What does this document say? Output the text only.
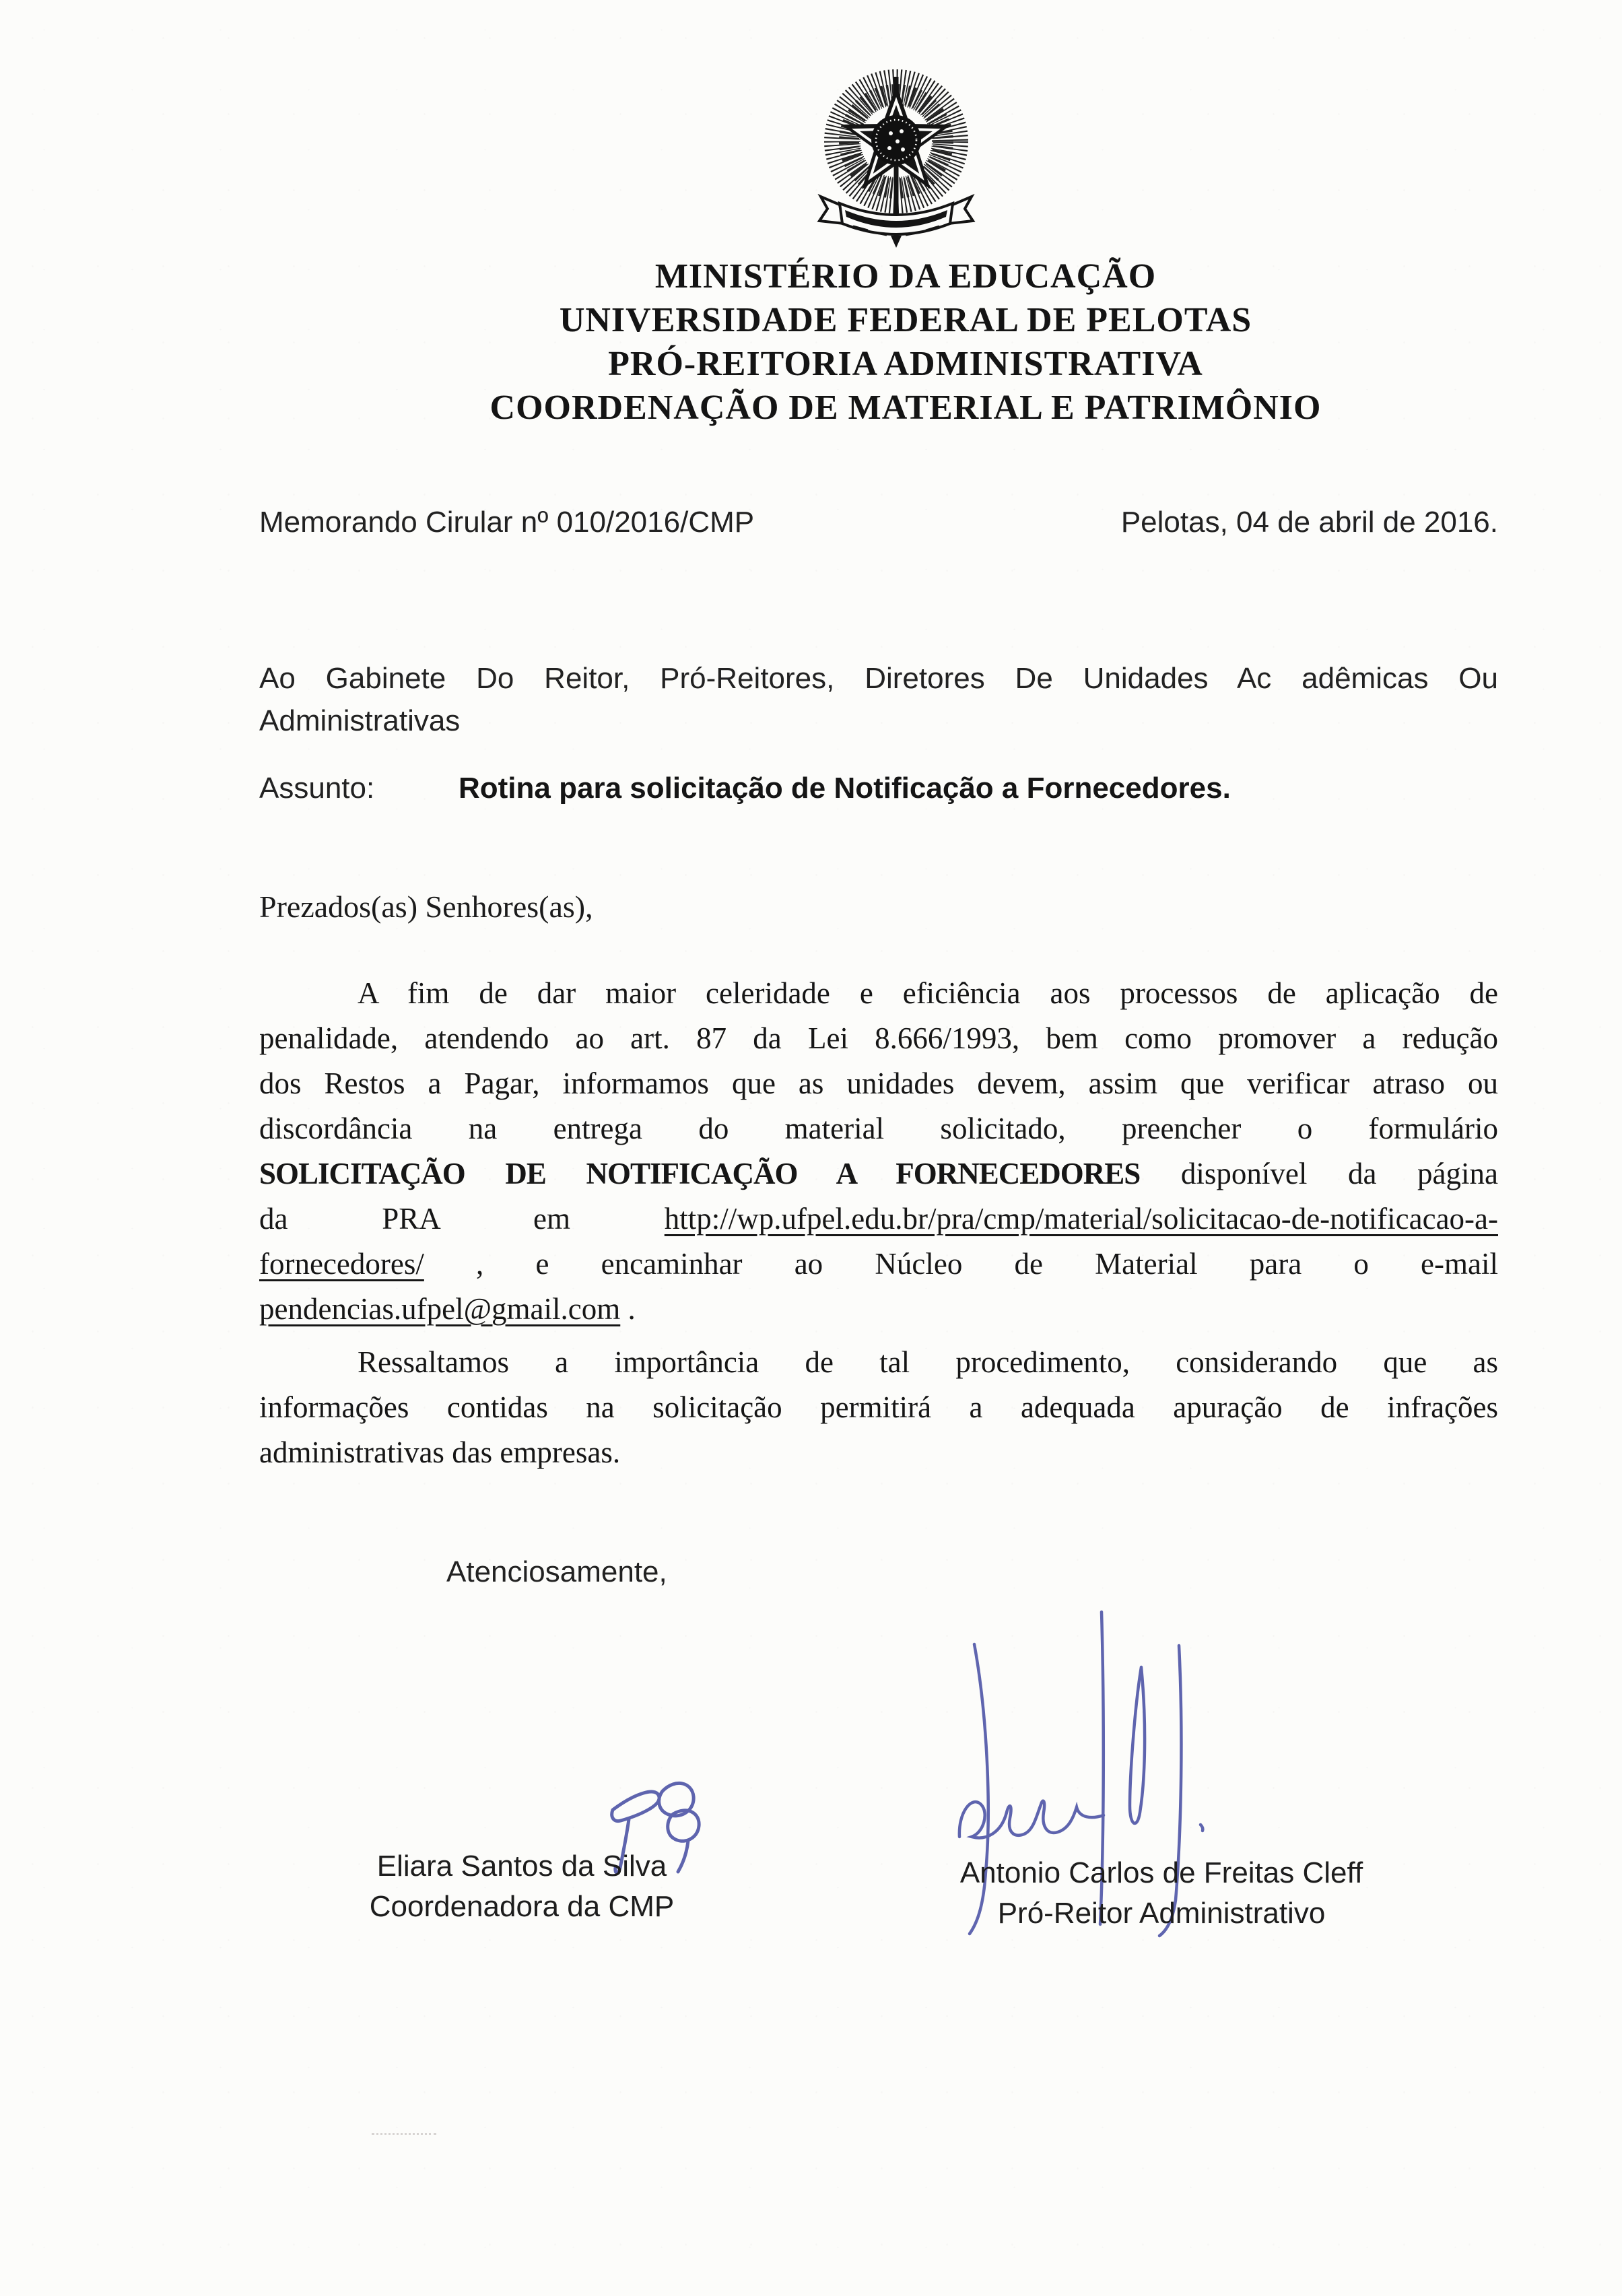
MINISTÉRIO DA EDUCAÇÃO
UNIVERSIDADE FEDERAL DE PELOTAS
PRÓ-REITORIA ADMINISTRATIVA
COORDENAÇÃO DE MATERIAL E PATRIMÔNIO
Memorando Cirular nº 010/2016/CMP	Pelotas, 04 de abril de 2016.
Ao Gabinete Do Reitor, Pró-Reitores, Diretores De Unidades Ac adêmicas Ou
Administrativas
Assunto:	Rotina para solicitação de Notificação a Fornecedores.
Prezados(as) Senhores(as),
A fim de dar maior celeridade e eficiência aos processos de aplicação de
penalidade, atendendo ao art. 87 da Lei 8.666/1993, bem como promover a redução
dos Restos a Pagar, informamos que as unidades devem, assim que verificar atraso ou
discordância na entrega do material solicitado, preencher o formulário
SOLICITAÇÃO DE NOTIFICAÇÃO A FORNECEDORES disponível da página
da PRA em http://wp.ufpel.edu.br/pra/cmp/material/solicitacao-de-notificacao-a-
fornecedores/ , e encaminhar ao Núcleo de Material para o e-mail
pendencias.ufpel@gmail.com .
Ressaltamos a importância de tal procedimento, considerando que as
informações contidas na solicitação permitirá a adequada apuração de infrações
administrativas das empresas.
Atenciosamente,
Eliara Santos da Silva
Coordenadora da CMP
Antonio Carlos de Freitas Cleff
Pró-Reitor Administrativo
